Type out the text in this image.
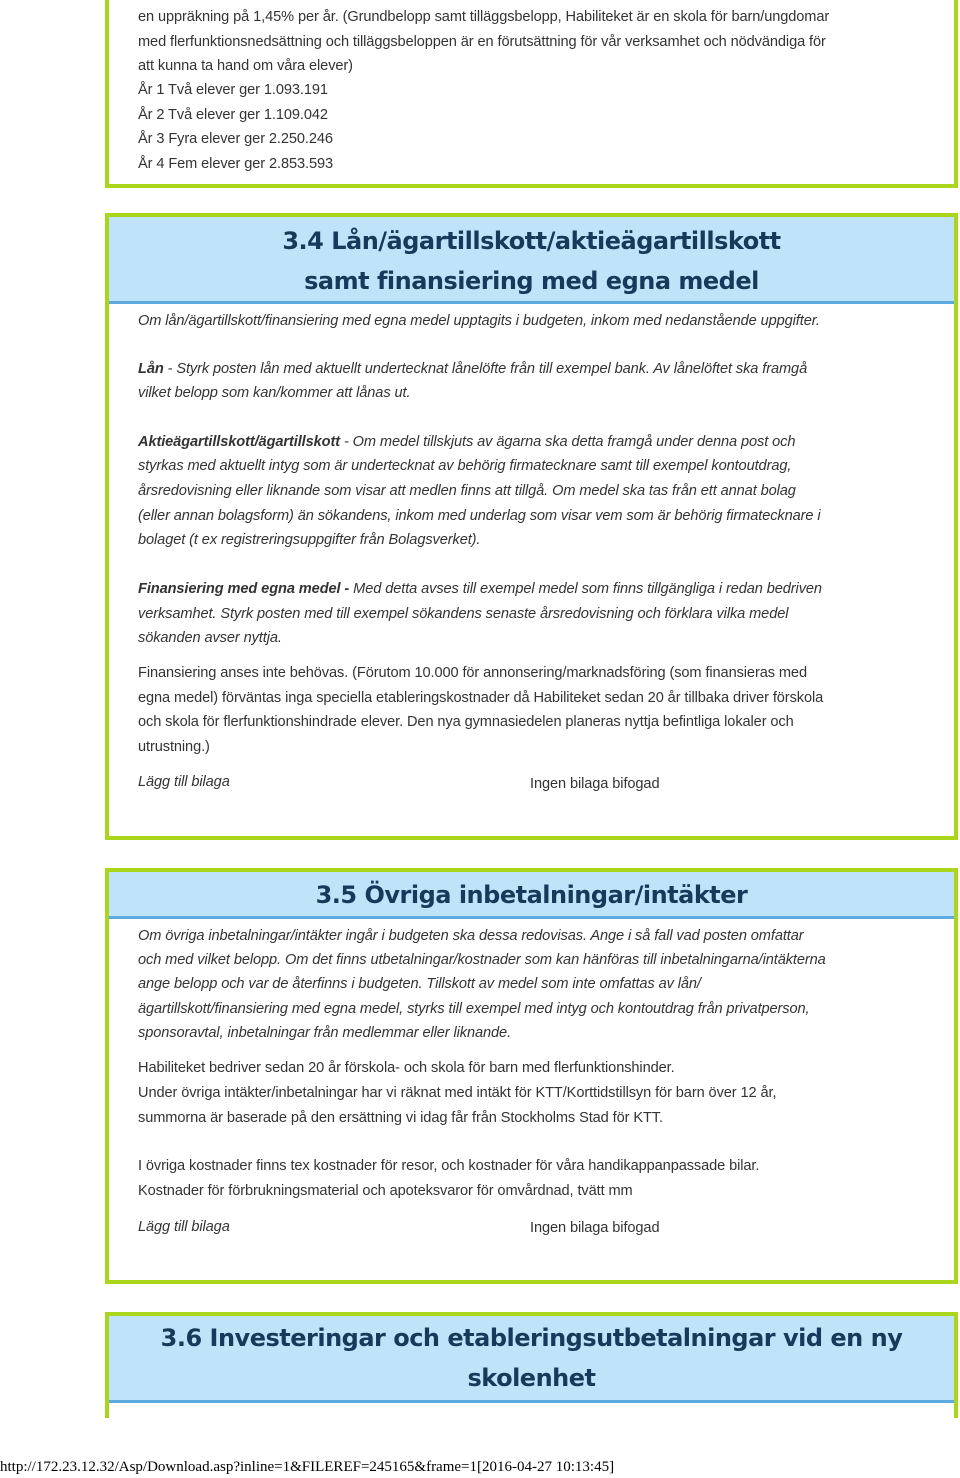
en uppräkning på 1,45% per år. (Grundbelopp samt tilläggsbelopp, Habiliteket är en skola för barn/ungdomar
med flerfunktionsnedsättning och tilläggsbeloppen är en förutsättning för vår verksamhet och nödvändiga för
att kunna ta hand om våra elever)
År 1 Två elever ger 1.093.191
År 2 Två elever ger 1.109.042
År 3 Fyra elever ger 2.250.246
År 4 Fem elever ger 2.853.593
3.4 Lån/ägartillskott/aktieägartillskott
samt finansiering med egna medel
Om lån/ägartillskott/finansiering med egna medel upptagits i budgeten, inkom med nedanstående uppgifter.
Lån - Styrk posten lån med aktuellt undertecknat lånelöfte från till exempel bank. Av lånelöftet ska framgå
vilket belopp som kan/kommer att lånas ut.
Aktieägartillskott/ägartillskott - Om medel tillskjuts av ägarna ska detta framgå under denna post och
styrkas med aktuellt intyg som är undertecknat av behörig firmatecknare samt till exempel kontoutdrag,
årsredovisning eller liknande som visar att medlen finns att tillgå. Om medel ska tas från ett annat bolag
(eller annan bolagsform) än sökandens, inkom med underlag som visar vem som är behörig firmatecknare i
bolaget (t ex registreringsuppgifter från Bolagsverket).
Finansiering med egna medel - Med detta avses till exempel medel som finns tillgängliga i redan bedriven
verksamhet. Styrk posten med till exempel sökandens senaste årsredovisning och förklara vilka medel
sökanden avser nyttja.
Finansiering anses inte behövas. (Förutom 10.000 för annonsering/marknadsföring (som finansieras med
egna medel) förväntas inga speciella etableringskostnader då Habiliteket sedan 20 år tillbaka driver förskola
och skola för flerfunktionshindrade elever. Den nya gymnasiedelen planeras nyttja befintliga lokaler och
utrustning.)
Lägg till bilaga	Ingen bilaga bifogad
3.5 Övriga inbetalningar/intäkter
Om övriga inbetalningar/intäkter ingår i budgeten ska dessa redovisas. Ange i så fall vad posten omfattar
och med vilket belopp. Om det finns utbetalningar/kostnader som kan hänföras till inbetalningarna/intäkterna
ange belopp och var de återfinns i budgeten. Tillskott av medel som inte omfattas av lån/
ägartillskott/finansiering med egna medel, styrks till exempel med intyg och kontoutdrag från privatperson,
sponsoravtal, inbetalningar från medlemmar eller liknande.
Habiliteket bedriver sedan 20 år förskola- och skola för barn med flerfunktionshinder.
Under övriga intäkter/inbetalningar har vi räknat med intäkt för KTT/Korttidstillsyn för barn över 12 år,
summorna är baserade på den ersättning vi idag får från Stockholms Stad för KTT.
I övriga kostnader finns tex kostnader för resor, och kostnader för våra handikappanpassade bilar.
Kostnader för förbrukningsmaterial och apoteksvaror för omvårdnad, tvätt mm
Lägg till bilaga	Ingen bilaga bifogad
3.6 Investeringar och etableringsutbetalningar vid en ny
skolenhet
http://172.23.12.32/Asp/Download.asp?inline=1&FILEREF=245165&frame=1[2016-04-27 10:13:45]
